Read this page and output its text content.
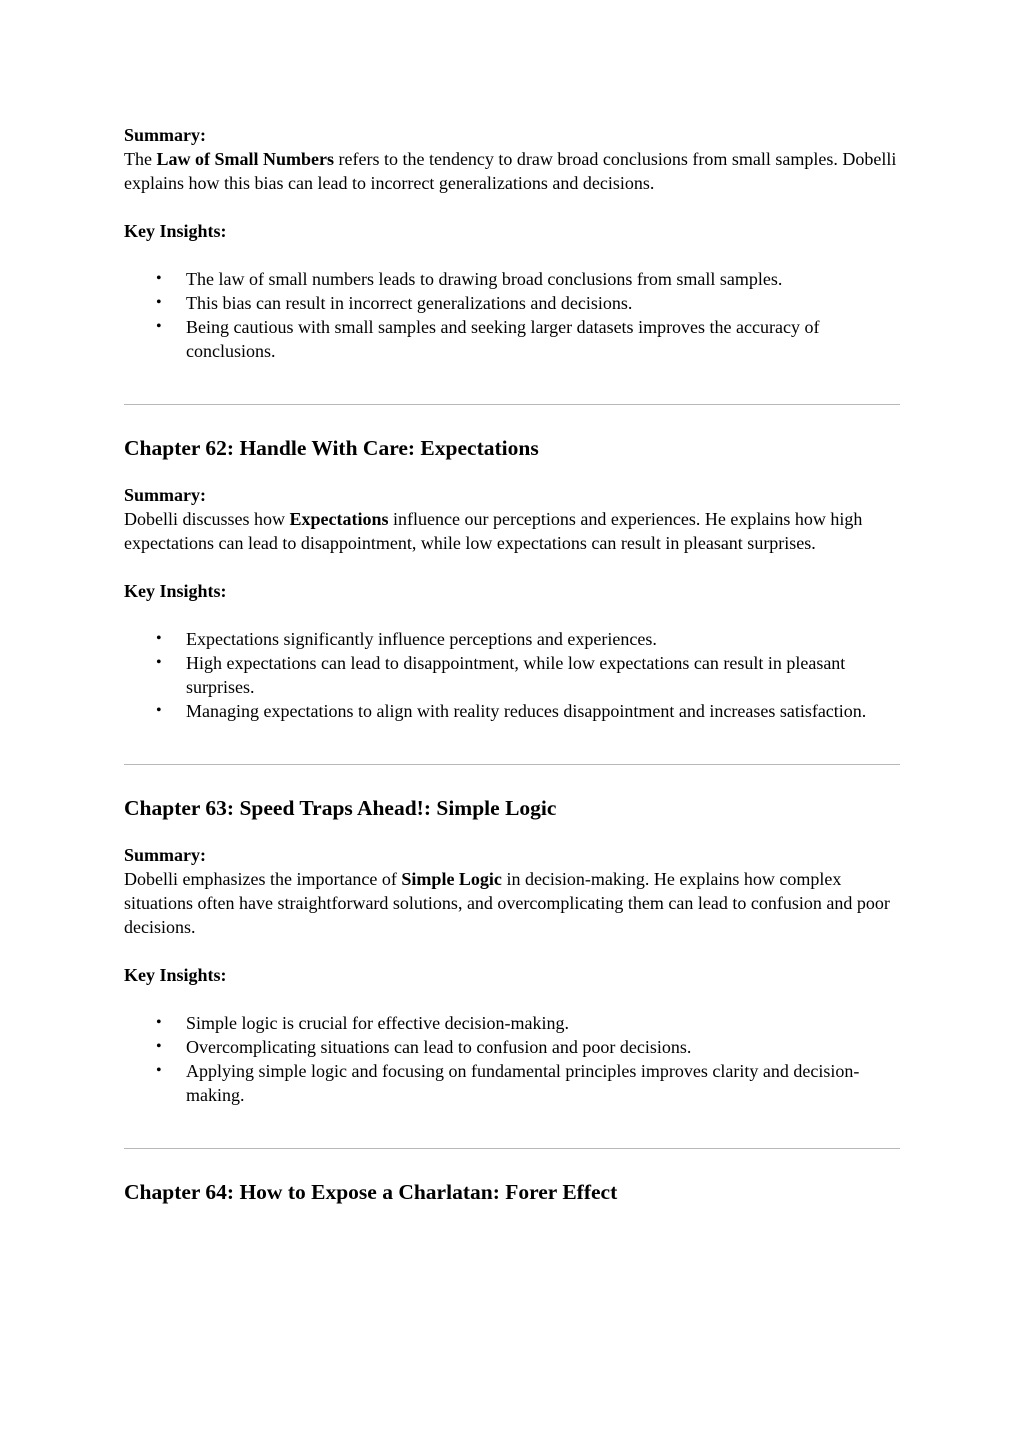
Summary:

The Law of Small Numbers refers to the tendency to draw broad conclusions from small samples. Dobelli explains how this bias can lead to incorrect generalizations and decisions.

Key Insights:

• The law of small numbers leads to drawing broad conclusions from small samples.
• This bias can result in incorrect generalizations and decisions.
• Being cautious with small samples and seeking larger datasets improves the accuracy of conclusions.
Chapter 62: Handle With Care: Expectations

Summary:

Dobelli discusses how Expectations influence our perceptions and experiences. He explains how high expectations can lead to disappointment, while low expectations can result in pleasant surprises.

Key Insights:

• Expectations significantly influence perceptions and experiences.
• High expectations can lead to disappointment, while low expectations can result in pleasant surprises.
• Managing expectations to align with reality reduces disappointment and increases satisfaction.
Chapter 63: Speed Traps Ahead!: Simple Logic

Summary:

Dobelli emphasizes the importance of Simple Logic in decision-making. He explains how complex situations often have straightforward solutions, and overcomplicating them can lead to confusion and poor decisions.

Key Insights:

• Simple logic is crucial for effective decision-making.
• Overcomplicating situations can lead to confusion and poor decisions.
• Applying simple logic and focusing on fundamental principles improves clarity and decision-making.
Chapter 64: How to Expose a Charlatan: Forer Effect
